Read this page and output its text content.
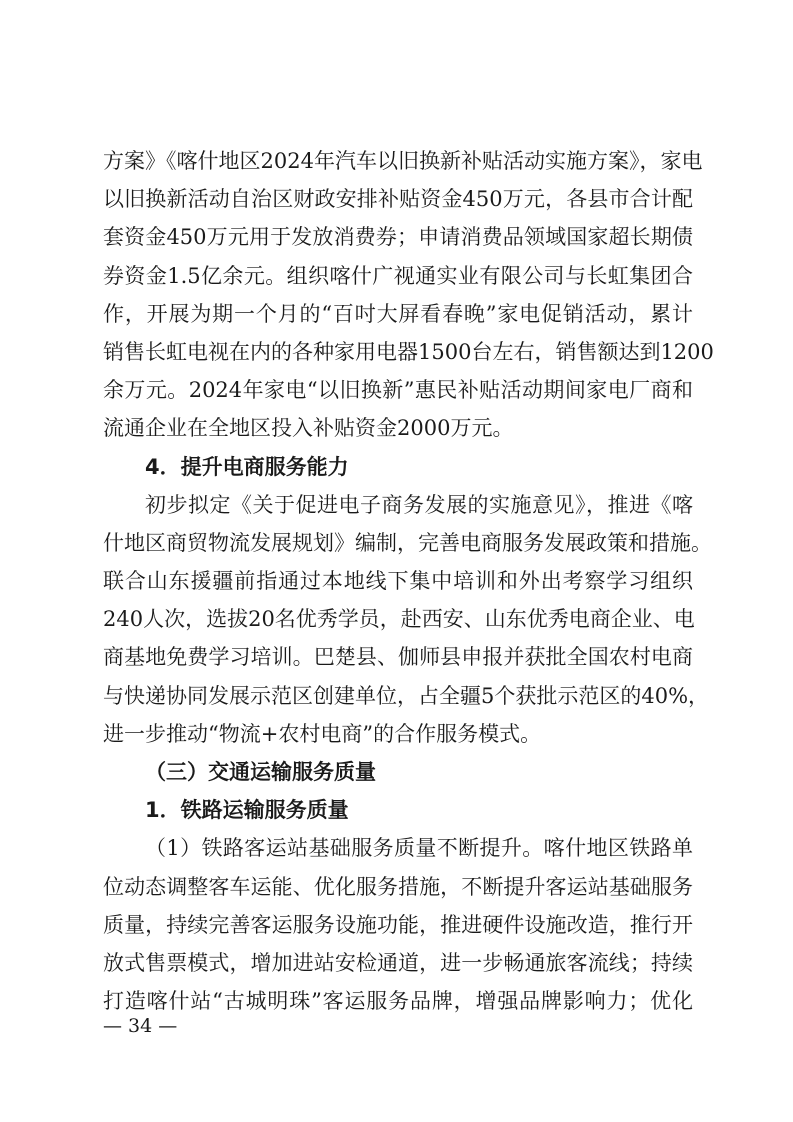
方案》《喀什地区2024年汽车以旧换新补贴活动实施方案》，家电
以旧换新活动自治区财政安排补贴资金450万元，各县市合计配
套资金450万元用于发放消费券；申请消费品领域国家超长期债
券资金1.5亿余元。组织喀什广视通实业有限公司与长虹集团合
作，开展为期一个月的“百吋大屏看春晚”家电促销活动，累计
销售长虹电视在内的各种家用电器1500台左右，销售额达到1200
余万元。2024年家电“以旧换新”惠民补贴活动期间家电厂商和
流通企业在全地区投入补贴资金2000万元。
4．提升电商服务能力
初步拟定《关于促进电子商务发展的实施意见》，推进《喀
什地区商贸物流发展规划》编制，完善电商服务发展政策和措施。
联合山东援疆前指通过本地线下集中培训和外出考察学习组织
240人次，选拔20名优秀学员，赴西安、山东优秀电商企业、电
商基地免费学习培训。巴楚县、伽师县申报并获批全国农村电商
与快递协同发展示范区创建单位，占全疆5个获批示范区的40%，
进一步推动“物流+农村电商”的合作服务模式。
（三）交通运输服务质量
1．铁路运输服务质量
（1）铁路客运站基础服务质量不断提升。喀什地区铁路单
位动态调整客车运能、优化服务措施，不断提升客运站基础服务
质量，持续完善客运服务设施功能，推进硬件设施改造，推行开
放式售票模式，增加进站安检通道，进一步畅通旅客流线；持续
打造喀什站“古城明珠”客运服务品牌，增强品牌影响力；优化
— 34 —
